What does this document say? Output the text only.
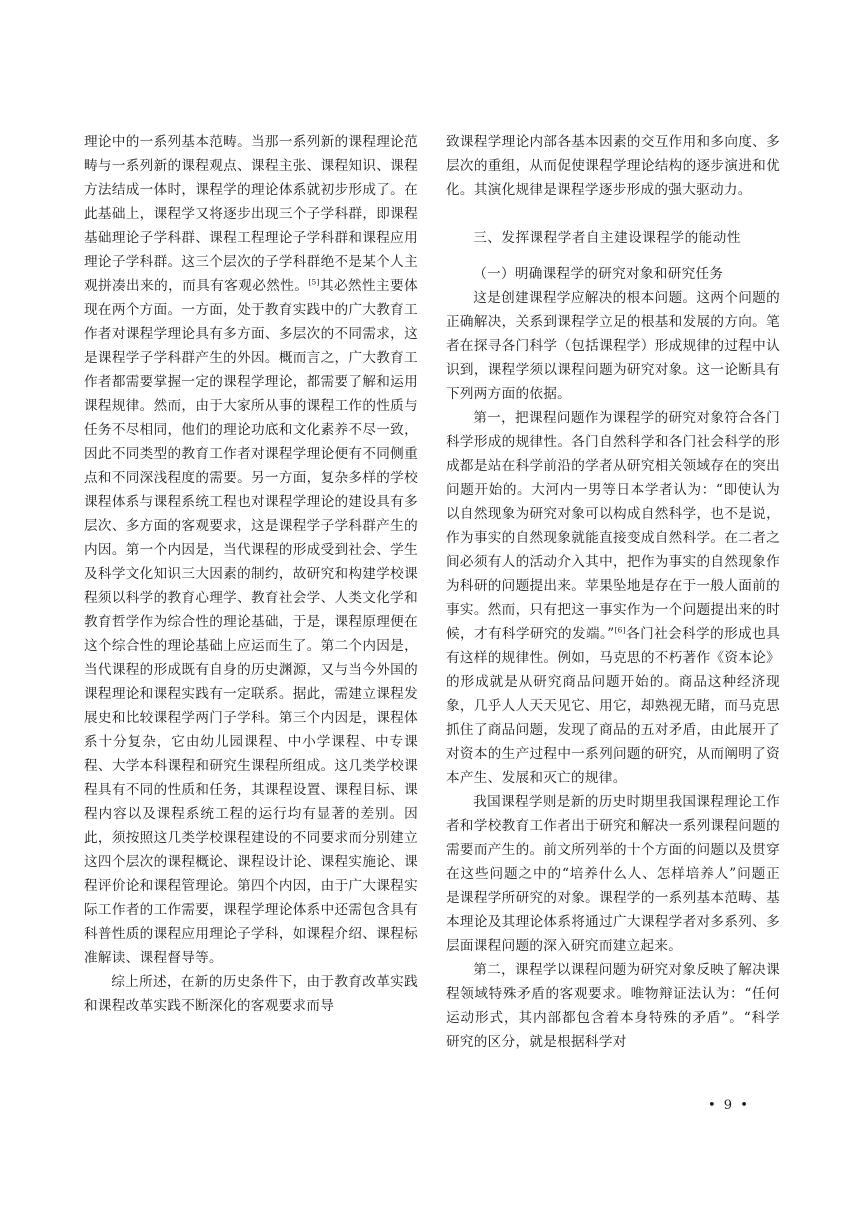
理论中的一系列基本范畴。当那一系列新的课程理论范畴与一系列新的课程观点、课程主张、课程知识、课程方法结成一体时，课程学的理论体系就初步形成了。在此基础上，课程学又将逐步出现三个子学科群，即课程基础理论子学科群、课程工程理论子学科群和课程应用理论子学科群。这三个层次的子学科群绝不是某个人主观拼凑出来的，而具有客观必然性。[5]其必然性主要体现在两个方面。一方面，处于教育实践中的广大教育工作者对课程学理论具有多方面、多层次的不同需求，这是课程学子学科群产生的外因。概而言之，广大教育工作者都需要掌握一定的课程学理论，都需要了解和运用课程规律。然而，由于大家所从事的课程工作的性质与任务不尽相同，他们的理论功底和文化素养不尽一致，因此不同类型的教育工作者对课程学理论便有不同侧重点和不同深浅程度的需要。另一方面，复杂多样的学校课程体系与课程系统工程也对课程学理论的建设具有多层次、多方面的客观要求，这是课程学子学科群产生的内因。第一个内因是，当代课程的形成受到社会、学生及科学文化知识三大因素的制约，故研究和构建学校课程须以科学的教育心理学、教育社会学、人类文化学和教育哲学作为综合性的理论基础，于是，课程原理便在这个综合性的理论基础上应运而生了。第二个内因是，当代课程的形成既有自身的历史渊源，又与当今外国的课程理论和课程实践有一定联系。据此，需建立课程发展史和比较课程学两门子学科。第三个内因是，课程体系十分复杂，它由幼儿园课程、中小学课程、中专课程、大学本科课程和研究生课程所组成。这几类学校课程具有不同的性质和任务，其课程设置、课程目标、课程内容以及课程系统工程的运行均有显著的差别。因此，须按照这几类学校课程建设的不同要求而分别建立这四个层次的课程概论、课程设计论、课程实施论、课程评价论和课程管理论。第四个内因，由于广大课程实际工作者的工作需要，课程学理论体系中还需包含具有科普性质的课程应用理论子学科，如课程介绍、课程标准解读、课程督导等。

综上所述，在新的历史条件下，由于教育改革实践和课程改革实践不断深化的客观要求而导

致课程学理论内部各基本因素的交互作用和多向度、多层次的重组，从而促使课程学理论结构的逐步演进和优化。其演化规律是课程学逐步形成的强大驱动力。

三、发挥课程学者自主建设课程学的能动性

（一）明确课程学的研究对象和研究任务

这是创建课程学应解决的根本问题。这两个问题的正确解决，关系到课程学立足的根基和发展的方向。笔者在探寻各门科学（包括课程学）形成规律的过程中认识到，课程学须以课程问题为研究对象。这一论断具有下列两方面的依据。

第一，把课程问题作为课程学的研究对象符合各门科学形成的规律性。各门自然科学和各门社会科学的形成都是站在科学前沿的学者从研究相关领域存在的突出问题开始的。大河内一男等日本学者认为：“即使认为以自然现象为研究对象可以构成自然科学，也不是说，作为事实的自然现象就能直接变成自然科学。在二者之间必须有人的活动介入其中，把作为事实的自然现象作为科研的问题提出来。苹果坠地是存在于一般人面前的事实。然而，只有把这一事实作为一个问题提出来的时候，才有科学研究的发端。”[6]各门社会科学的形成也具有这样的规律性。例如，马克思的不朽著作《资本论》的形成就是从研究商品问题开始的。商品这种经济现象，几乎人人天天见它、用它，却熟视无睹，而马克思抓住了商品问题，发现了商品的五对矛盾，由此展开了对资本的生产过程中一系列问题的研究，从而阐明了资本产生、发展和灭亡的规律。

我国课程学则是新的历史时期里我国课程理论工作者和学校教育工作者出于研究和解决一系列课程问题的需要而产生的。前文所列举的十个方面的问题以及贯穿在这些问题之中的“培养什么人、怎样培养人”问题正是课程学所研究的对象。课程学的一系列基本范畴、基本理论及其理论体系将通过广大课程学者对多系列、多层面课程问题的深入研究而建立起来。

第二，课程学以课程问题为研究对象反映了解决课程领域特殊矛盾的客观要求。唯物辩证法认为：“任何运动形式，其内部都包含着本身特殊的矛盾”。“科学研究的区分，就是根据科学对

• 9 •
